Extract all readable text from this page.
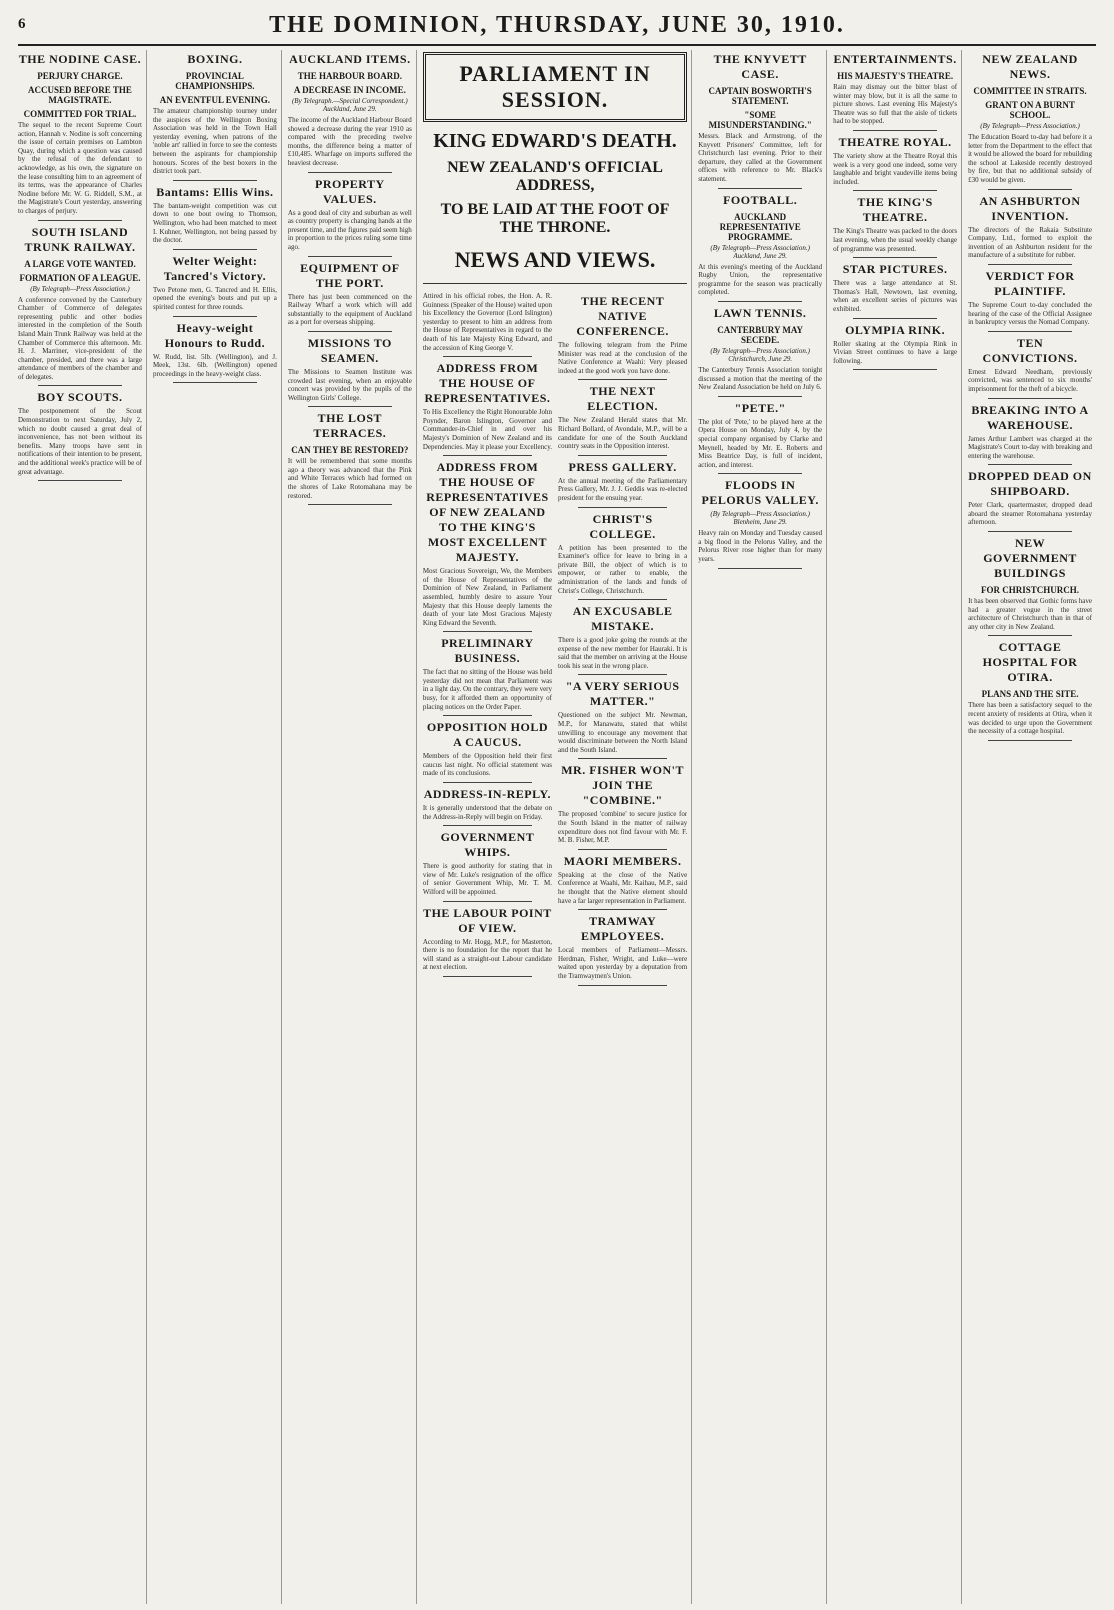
6	THE DOMINION, THURSDAY, JUNE 30, 1910.
THE NODINE CASE.
PERJURY CHARGE.
ACCUSED BEFORE THE MAGISTRATE.
COMMITTED FOR TRIAL.

The sequel to the recent Supreme Court action, Hannah v. Nodine is soft concerning the issue of certain premises on Lambton Quay, during which a question was caused by the refusal of the defendant to acknowledge, as his own, the signature on the lease consulting him to an agreement of its terms, was the appearance of Charles Nodine before Mr. W. G. Riddell, S.M., at the Magistrate's Court yesterday, answering to charges of perjury.

SOUTH ISLAND TRUNK RAILWAY.
A LARGE VOTE WANTED.
FORMATION OF A LEAGUE.
(By Telegraph—Press Association.)

A conference convened by the Canterbury Chamber of Commerce of delegates representing public and other bodies interested in the completion of the South Island Main Trunk Railway was held at the Chamber of Commerce this afternoon. Mr. H. J. Marriner, vice-president of the chamber, presided, and there was a large attendance of members of the chamber and of delegates.

BOY SCOUTS.

The postponement of the Scout Demonstration to next Saturday, July 2, which no doubt caused a great deal of inconvenience, has not been without its benefits. Many troops have sent in notifications of their intention to be present, and the additional week's practice will be of great advantage.

BOXING.
PROVINCIAL CHAMPIONSHIPS.
AN EVENTFUL EVENING.

The amateur championship tourney under the auspices of the Wellington Boxing Association was held in the Town Hall yesterday evening, when patrons of the 'noble art' rallied in force to see the contests between the aspirants for championship honours. Scores of the best boxers in the district took part.

Bantams: Ellis Wins.

The bantam-weight competition was cut down to one bout owing to Thomson, Wellington, who had been matched to meet I. Kuhner, Wellington, not being passed by the doctor.

Welter Weight: Tancred's Victory.

Two Petone men, G. Tancred and H. Ellis, opened the evening's bouts and put up a spirited contest for three rounds.

Heavy-weight Honours to Rudd.

W. Rudd, list. 5lb. (Wellington), and J. Meek, 13st. 6lb. (Wellington) opened proceedings in the heavy-weight class.

AUCKLAND ITEMS.
THE HARBOUR BOARD.
A DECREASE IN INCOME.
(By Telegraph.—Special Correspondent.) Auckland, June 29.

The income of the Auckland Harbour Board showed a decrease during the year 1910 as compared with the preceding twelve months, the difference being a matter of £10,485. Wharfage on imports suffered the heaviest decrease.

PROPERTY VALUES.

As a good deal of city and suburban as well as country property is changing hands at the present time, and the figures paid seem high in proportion to the prices ruling some time ago.

EQUIPMENT OF THE PORT.

There has just been commenced on the Railway Wharf a work which will add substantially to the equipment of Auckland as a port for overseas shipping.

MISSIONS TO SEAMEN.

The Missions to Seamen Institute was crowded last evening, when an enjoyable concert was provided by the pupils of the Wellington Girls' College.

THE LOST TERRACES.
CAN THEY BE RESTORED?

It will be remembered that some months ago a theory was advanced that the Pink and White Terraces which had formed on the shores of Lake Rotomahana may be restored.

PARLIAMENT IN SESSION.
KING EDWARD'S DEATH.
NEW ZEALAND'S OFFICIAL ADDRESS,
TO BE LAID AT THE FOOT OF THE THRONE.
NEWS AND VIEWS.

Attired in his official robes, the Hon. A. R. Guinness (Speaker of the House) waited upon his Excellency the Governor (Lord Islington) yesterday to present to him an address from the House of Representatives in regard to the death of his late Majesty King Edward, and the accession of King George V.

ADDRESS FROM THE HOUSE OF REPRESENTATIVES.

To His Excellency the Right Honourable John Poynder, Baron Islington, Governor and Commander-in-Chief in and over his Majesty's Dominion of New Zealand and its Dependencies. May it please your Excellency.

ADDRESS FROM THE HOUSE OF REPRESENTATIVES OF NEW ZEALAND TO THE KING'S MOST EXCELLENT MAJESTY.

Most Gracious Sovereign, We, the Members of the House of Representatives of the Dominion of New Zealand, in Parliament assembled, humbly desire to assure Your Majesty that this House deeply laments the death of your late Most Gracious Majesty King Edward the Seventh.

PRELIMINARY BUSINESS.

The fact that no sitting of the House was held yesterday did not mean that Parliament was in a light day. On the contrary, they were very busy, for it afforded them an opportunity of placing notices on the Order Paper.

OPPOSITION HOLD A CAUCUS.

Members of the Opposition held their first caucus last night. No official statement was made of its conclusions.

ADDRESS-IN-REPLY.

It is generally understood that the debate on the Address-in-Reply will begin on Friday.

GOVERNMENT WHIPS.

There is good authority for stating that in view of Mr. Luke's resignation of the office of senior Government Whip, Mr. T. M. Wilford will be appointed.

THE LABOUR POINT OF VIEW.

According to Mr. Hogg, M.P., for Masterton, there is no foundation for the report that he will stand as a straight-out Labour candidate at next election.

THE RECENT NATIVE CONFERENCE.

The following telegram from the Prime Minister was read at the conclusion of the Native Conference at Waahi: Very pleased indeed at the good work you have done.

THE NEXT ELECTION.

The New Zealand Herald states that Mr. Richard Bollard, of Avondale, M.P., will be a candidate for one of the South Auckland country seats in the Opposition interest.

PRESS GALLERY.

At the annual meeting of the Parliamentary Press Gallery, Mr. J. J. Geddis was re-elected president for the ensuing year.

CHRIST'S COLLEGE.

A petition has been presented to the Examiner's office for leave to bring in a private Bill, the object of which is to empower, or rather to enable, the administration of the lands and funds of Christ's College, Christchurch.

AN EXCUSABLE MISTAKE.

There is a good joke going the rounds at the expense of the new member for Hauraki. It is said that the member on arriving at the House took his seat in the wrong place.

"A VERY SERIOUS MATTER."

Questioned on the subject Mr. Newman, M.P., for Manawatu, stated that whilst unwilling to encourage any movement that would discriminate between the North Island and the South Island.

MR. FISHER WON'T JOIN THE "COMBINE."

The proposed 'combine' to secure justice for the South Island in the matter of railway expenditure does not find favour with Mr. F. M. B. Fisher, M.P.

MAORI MEMBERS.

Speaking at the close of the Native Conference at Waahi, Mr. Kaihau, M.P., said he thought that the Native element should have a far larger representation in Parliament.

TRAMWAY EMPLOYEES.

Local members of Parliament—Messrs. Herdman, Fisher, Wright, and Luke—were waited upon yesterday by a deputation from the Tramwaymen's Union.

THE KNYVETT CASE.
CAPTAIN BOSWORTH'S STATEMENT.
"SOME MISUNDERSTANDING."

Messrs. Black and Armstrong, of the Knyvett Prisoners' Committee, left for Christchurch last evening. Prior to their departure, they called at the Government offices with reference to Mr. Black's statement.

FOOTBALL.
AUCKLAND REPRESENTATIVE PROGRAMME.
(By Telegraph—Press Association.) Auckland, June 29.

At this evening's meeting of the Auckland Rugby Union, the representative programme for the season was practically completed.

LAWN TENNIS.
CANTERBURY MAY SECEDE.
(By Telegraph—Press Association.) Christchurch, June 29.

The Canterbury Tennis Association tonight discussed a motion that the meeting of the New Zealand Association be held on July 6.

"PETE."

The plot of 'Pete,' to be played here at the Opera House on Monday, July 4, by the special company organised by Clarke and Meynell, headed by Mr. E. Roberts and Miss Beatrice Day, is full of incident, action, and interest.

FLOODS IN PELORUS VALLEY.
(By Telegraph—Press Association.) Blenheim, June 29.

Heavy rain on Monday and Tuesday caused a big flood in the Pelorus Valley, and the Pelorus River rose higher than for many years.

ENTERTAINMENTS.
HIS MAJESTY'S THEATRE.

Rain may dismay out the bitter blast of winter may blow, but it is all the same to picture shows. Last evening His Majesty's Theatre was so full that the aisle of tickets had to be stopped.

THEATRE ROYAL.

The variety show at the Theatre Royal this week is a very good one indeed, some very laughable and bright vaudeville items being included.

THE KING'S THEATRE.

The King's Theatre was packed to the doors last evening, when the usual weekly change of programme was presented.

STAR PICTURES.

There was a large attendance at St. Thomas's Hall, Newtown, last evening, when an excellent series of pictures was exhibited.

OLYMPIA RINK.

Roller skating at the Olympia Rink in Vivian Street continues to have a large following.

NEW ZEALAND NEWS.
COMMITTEE IN STRAITS.
GRANT ON A BURNT SCHOOL.
(By Telegraph—Press Association.)

The Education Board to-day had before it a letter from the Department to the effect that it would be allowed the board for rebuilding the school at Lakeside recently destroyed by fire, but that no additional subsidy of £30 would be given.

AN ASHBURTON INVENTION.

The directors of the Rakaia Substitute Company, Ltd., formed to exploit the invention of an Ashburton resident for the manufacture of a substitute for rubber.

VERDICT FOR PLAINTIFF.

The Supreme Court to-day concluded the hearing of the case of the Official Assignee in bankruptcy versus the Nomad Company.

TEN CONVICTIONS.

Ernest Edward Needham, previously convicted, was sentenced to six months' imprisonment for the theft of a bicycle.

BREAKING INTO A WAREHOUSE.

James Arthur Lambert was charged at the Magistrate's Court to-day with breaking and entering the warehouse.

DROPPED DEAD ON SHIPBOARD.

Peter Clark, quartermaster, dropped dead aboard the steamer Rotomahana yesterday afternoon.

NEW GOVERNMENT BUILDINGS
FOR CHRISTCHURCH.

It has been observed that Gothic forms have had a greater vogue in the street architecture of Christchurch than in that of any other city in New Zealand.

COTTAGE HOSPITAL FOR OTIRA.
PLANS AND THE SITE.

There has been a satisfactory sequel to the recent anxiety of residents at Otira, when it was decided to urge upon the Government the necessity of a cottage hospital.
